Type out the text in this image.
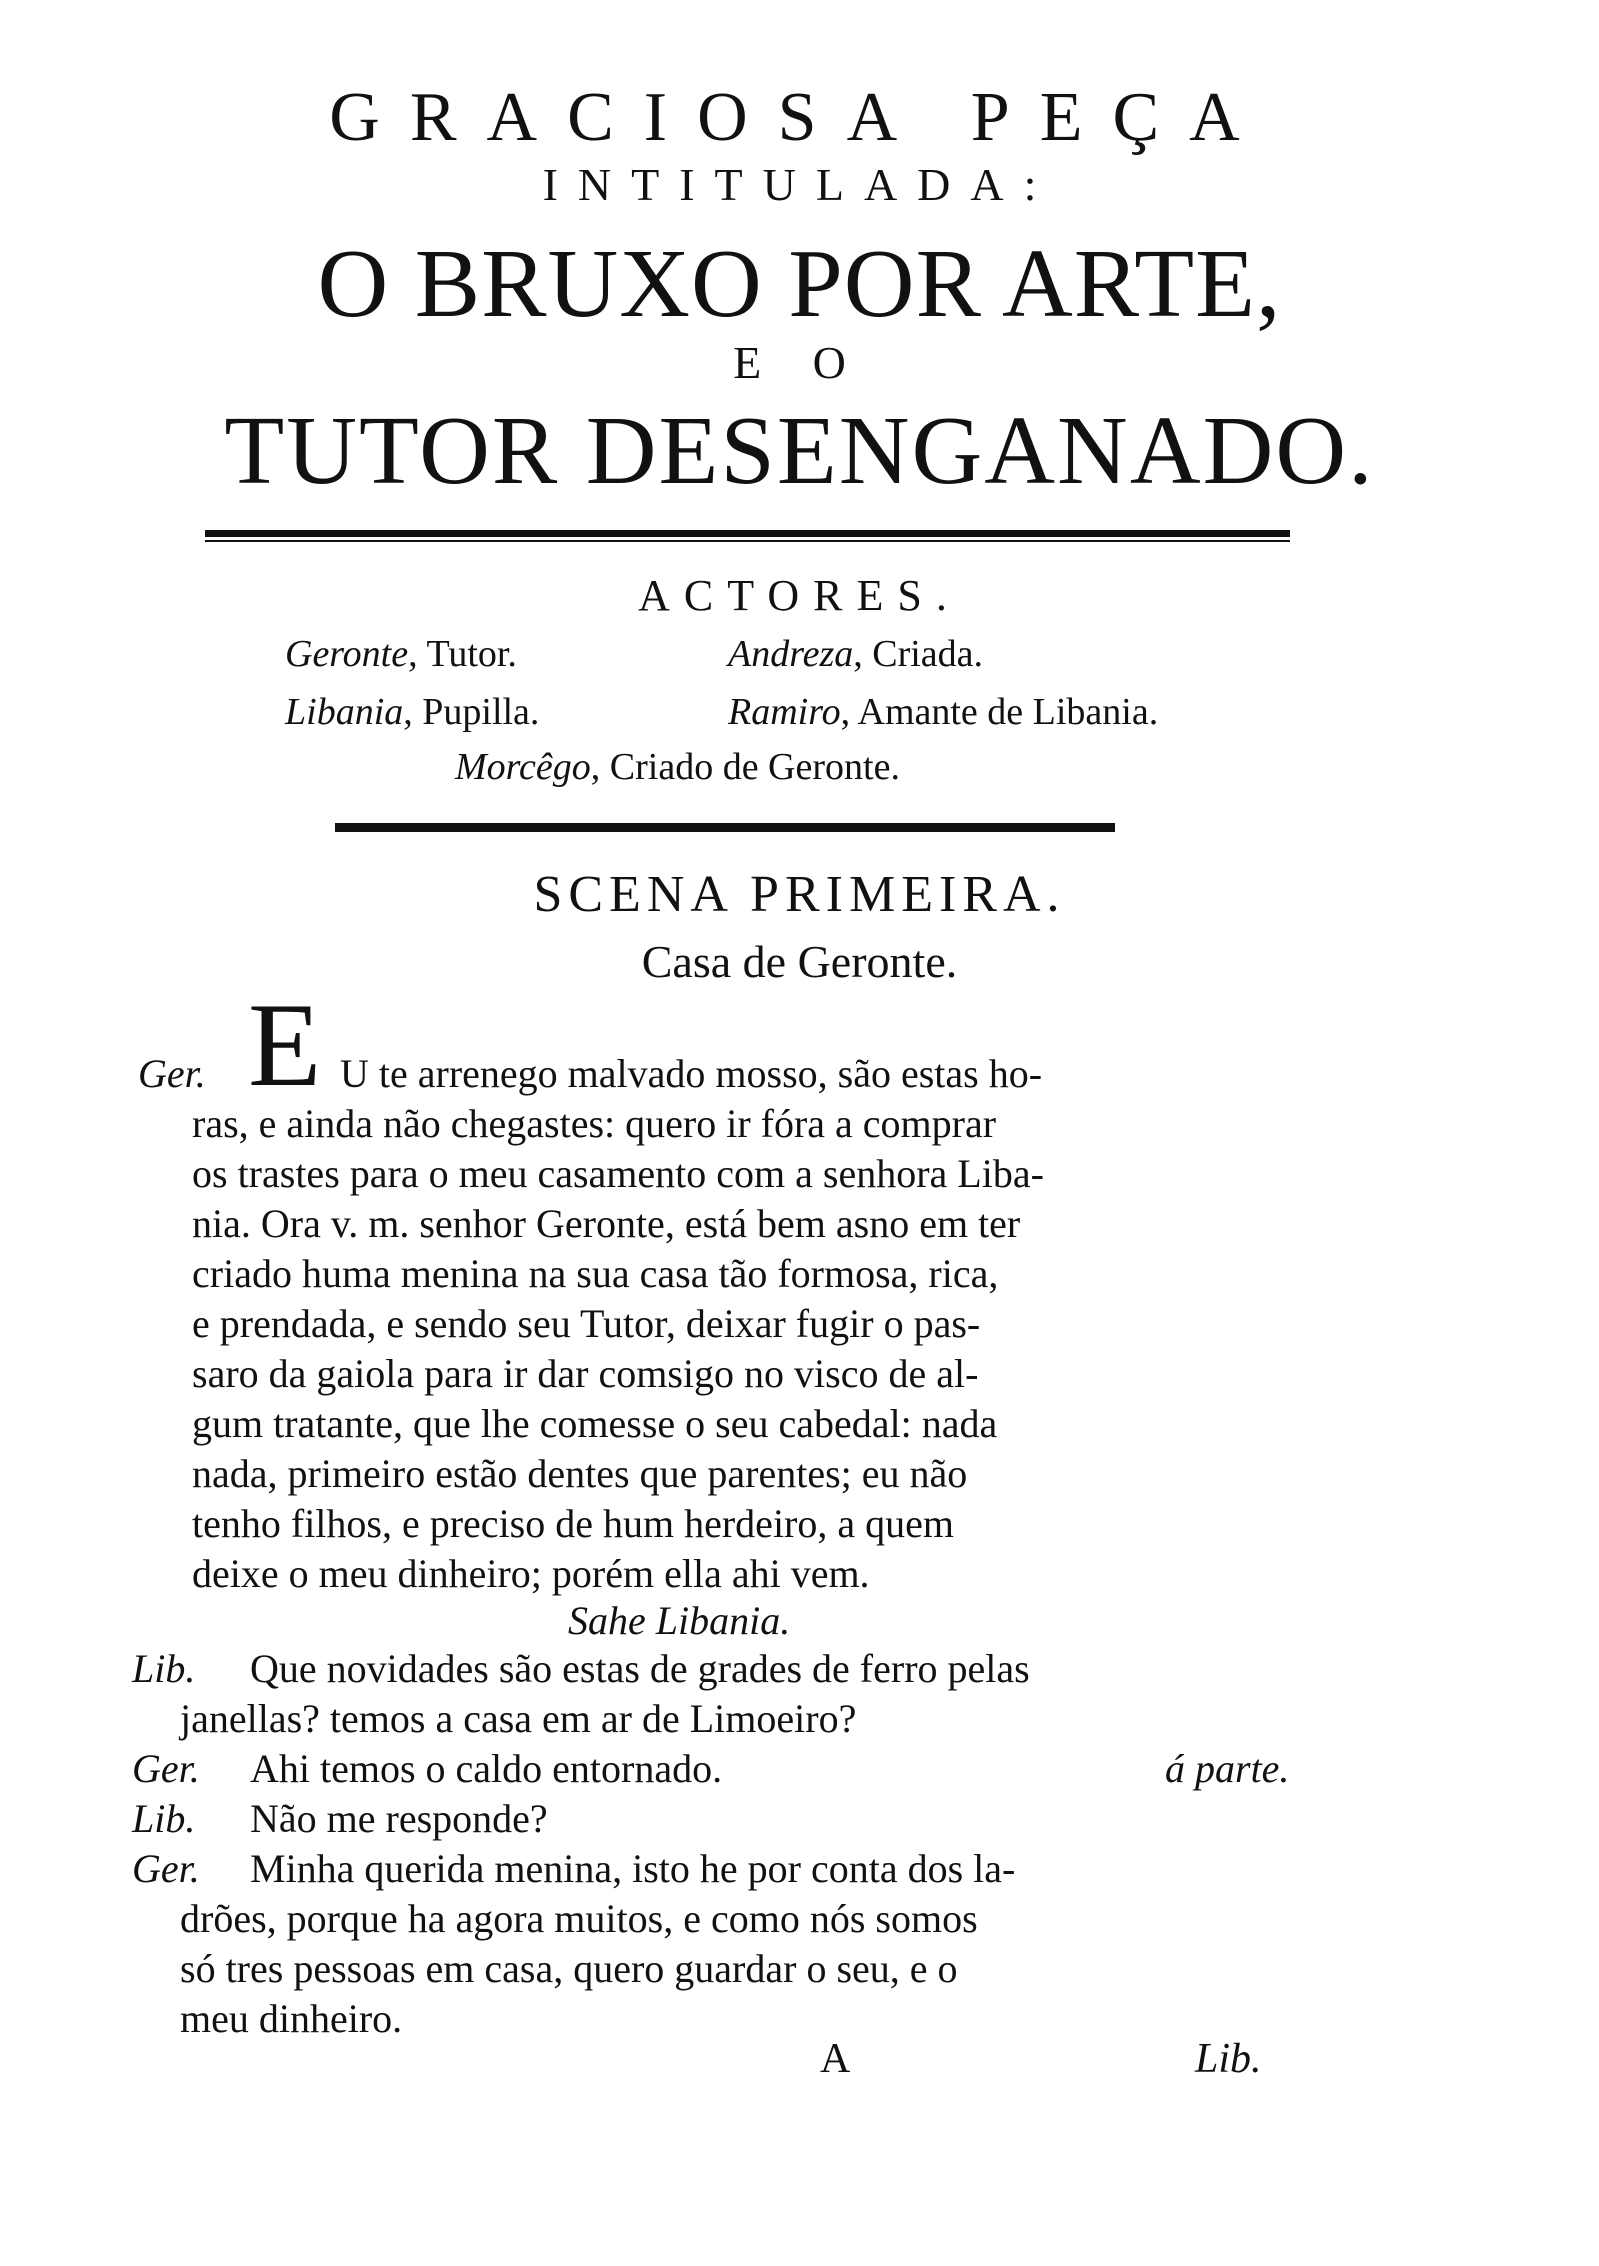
GRACIOSA PEÇA
INTITULADA:
O BRUXO POR ARTE,
E O
TUTOR DESENGANADO.
ACTORES.
Geronte, Tutor.	Andreza, Criada.
Libania, Pupilla.	Ramiro, Amante de Libania.
Morcêgo, Criado de Geronte.
SCENA PRIMEIRA.
Casa de Geronte.
Ger. E U te arrenego malvado mosso, são estas ho-
ras, e ainda não chegastes: quero ir fóra a comprar
os trastes para o meu casamento com a senhora Liba-
nia. Ora v. m. senhor Geronte, está bem asno em ter
criado huma menina na sua casa tão formosa, rica,
e prendada, e sendo seu Tutor, deixar fugir o pas-
saro da gaiola para ir dar comsigo no visco de al-
gum tratante, que lhe comesse o seu cabedal: nada
nada, primeiro estão dentes que parentes; eu não
tenho filhos, e preciso de hum herdeiro, a quem
deixe o meu dinheiro; porém ella ahi vem.
Sahe Libania.
Lib. Que novidades são estas de grades de ferro pelas
janellas? temos a casa em ar de Limoeiro?
Ger. Ahi temos o caldo entornado.	á parte.
Lib. Não me responde?
Ger. Minha querida menina, isto he por conta dos la-
drões, porque ha agora muitos, e como nós somos
só tres pessoas em casa, quero guardar o seu, e o
meu dinheiro.
A	Lib.
